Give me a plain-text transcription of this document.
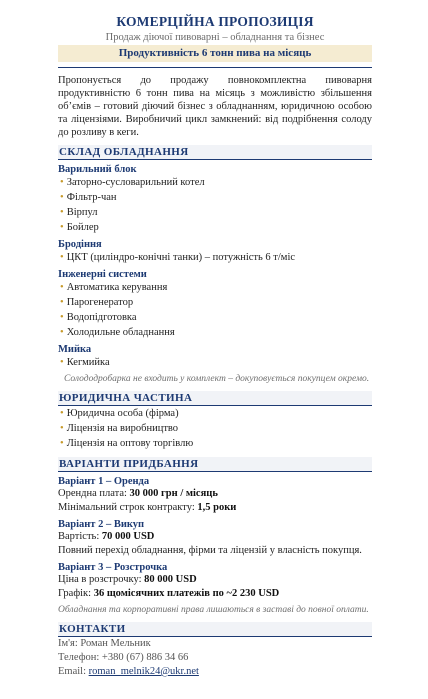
КОМЕРЦІЙНА ПРОПОЗИЦІЯ
Продаж діючої пивоварні – обладнання та бізнес
Продуктивність 6 тонн пива на місяць
Пропонується до продажу повнокомплектна пивоварня продуктивністю 6 тонн пива на місяць з можливістю збільшення об’ємів – готовий діючий бізнес з обладнанням, юридичною особою та ліцензіями. Виробничий цикл замкнений: від подрібнення солоду до розливу в кеги.
СКЛАД ОБЛАДНАННЯ
Варильний блок
• Заторно-сусловарильний котел
• Фільтр-чан
• Вірпул
• Бойлер
Бродіння
• ЦКТ (циліндро-конічні танки) – потужність 6 т/міс
Інженерні системи
• Автоматика керування
• Парогенератор
• Водопідготовка
• Холодильне обладнання
Мийка
• Кегмийка
Солододробарка не входить у комплект – докуповується покупцем окремо.
ЮРИДИЧНА ЧАСТИНА
• Юридична особа (фірма)
• Ліцензія на виробництво
• Ліцензія на оптову торгівлю
ВАРІАНТИ ПРИДБАННЯ
Варіант 1 – Оренда
Орендна плата: 30 000 грн / місяць
Мінімальний строк контракту: 1,5 роки
Варіант 2 – Викуп
Вартість: 70 000 USD
Повний перехід обладнання, фірми та ліцензій у власність покупця.
Варіант 3 – Розстрочка
Ціна в розстрочку: 80 000 USD
Графік: 36 щомісячних платежів по ~2 230 USD
Обладнання та корпоративні права лишаються в заставі до повної оплати.
КОНТАКТИ
Ім'я: Роман Мельник
Телефон: +380 (67) 886 34 66
Email: roman_melnik24@ukr.net
